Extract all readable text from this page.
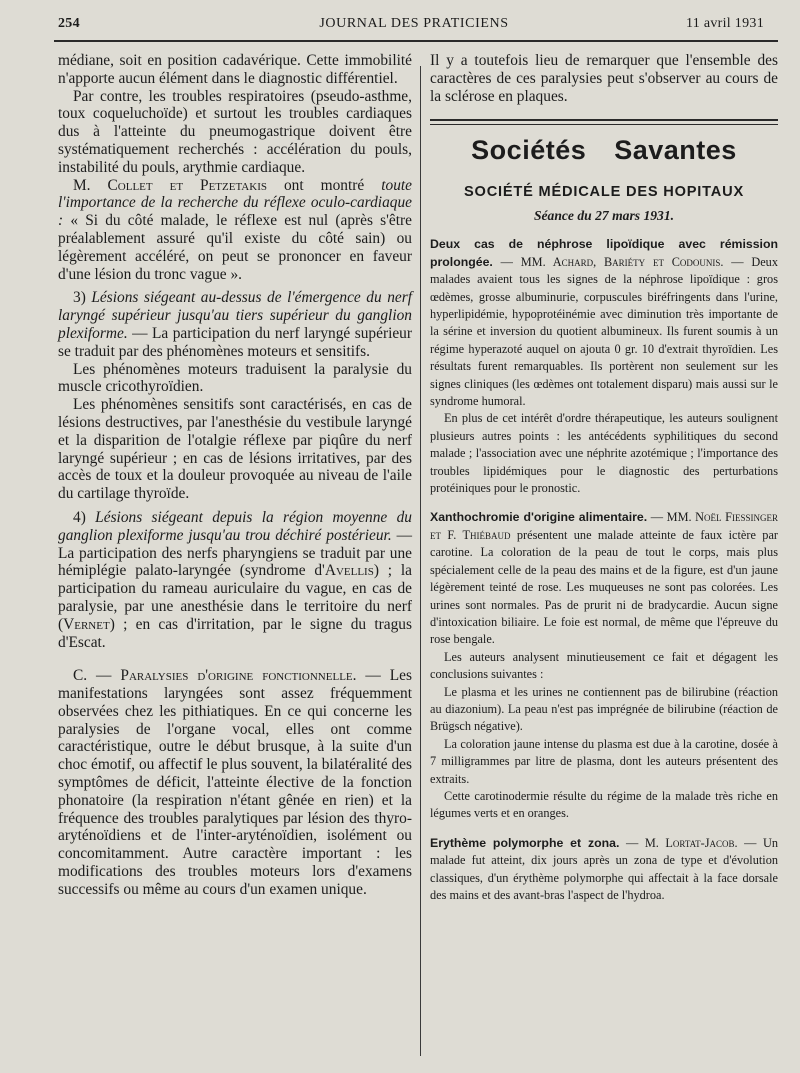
254	JOURNAL DES PRATICIENS	11 avril 1931

médiane, soit en position cadavérique. Cette immobilité n'apporte aucun élément dans le diagnostic différentiel.

Par contre, les troubles respiratoires (pseudo-asthme, toux coqueluchoïde) et surtout les troubles cardiaques dus à l'atteinte du pneumogastrique doivent être systématiquement recherchés : accélération du pouls, instabilité du pouls, arythmie cardiaque.

M. Collet et Petzetakis ont montré toute l'importance de la recherche du réflexe oculo-cardiaque : « Si du côté malade, le réflexe est nul (après s'être préalablement assuré qu'il existe du côté sain) ou légèrement accéléré, on peut se prononcer en faveur d'une lésion du tronc vague ».

3) Lésions siégeant au-dessus de l'émergence du nerf laryngé supérieur jusqu'au tiers supérieur du ganglion plexiforme. — La participation du nerf laryngé supérieur se traduit par des phénomènes moteurs et sensitifs.

Les phénomènes moteurs traduisent la paralysie du muscle cricothyroïdien.

Les phénomènes sensitifs sont caractérisés, en cas de lésions destructives, par l'anesthésie du vestibule laryngé et la disparition de l'otalgie réflexe par piqûre du nerf laryngé supérieur ; en cas de lésions irritatives, par des accès de toux et la douleur provoquée au niveau de l'aile du cartilage thyroïde.

4) Lésions siégeant depuis la région moyenne du ganglion plexiforme jusqu'au trou déchiré postérieur. — La participation des nerfs pharyngiens se traduit par une hémiplégie palato-laryngée (syndrome d'Avellis) ; la participation du rameau auriculaire du vague, en cas de paralysie, par une anesthésie dans le territoire du nerf (Vernet) ; en cas d'irritation, par le signe du tragus d'Escat.

C. — Paralysies d'origine fonctionnelle. — Les manifestations laryngées sont assez fréquemment observées chez les pithiatiques. En ce qui concerne les paralysies de l'organe vocal, elles ont comme caractéristique, outre le début brusque, à la suite d'un choc émotif, ou affectif le plus souvent, la bilatéralité des symptômes de déficit, l'atteinte élective de la fonction phonatoire (la respiration n'étant gênée en rien) et la fréquence des troubles paralytiques par lésion des thyro-aryténoïdiens et de l'inter-aryténoïdien, isolément ou concomitamment. Autre caractère important : les modifications des troubles moteurs lors d'examens successifs ou même au cours d'un examen unique.

Il y a toutefois lieu de remarquer que l'ensemble des caractères de ces paralysies peut s'observer au cours de la sclérose en plaques.

Sociétés Savantes
SOCIÉTÉ MÉDICALE DES HOPITAUX
Séance du 27 mars 1931.

Deux cas de néphrose lipoïdique avec rémission prolongée. — MM. Achard, Bariéty et Codounis. — Deux malades avaient tous les signes de la néphrose lipoïdique : gros œdèmes, grosse albuminurie, corpuscules biréfringents dans l'urine, hyperlipidémie, hypoprotéinémie avec diminution très importante de la sérine et inversion du quotient albumineux. Ils furent soumis à un régime hyperazoté auquel on ajouta 0 gr. 10 d'extrait thyroïdien. Les résultats furent remarquables. Ils portèrent non seulement sur les signes cliniques (les œdèmes ont totalement disparu) mais aussi sur le syndrome humoral.

En plus de cet intérêt d'ordre thérapeutique, les auteurs soulignent plusieurs autres points : les antécédents syphilitiques du second malade ; l'association avec une néphrite azotémique ; l'importance des troubles lipidémiques pour le diagnostic des perturbations protéiniques pour le pronostic.

Xanthochromie d'origine alimentaire. — MM. Noël Fiessinger et F. Thiébaud présentent une malade atteinte de faux ictère par carotine. La coloration de la peau de tout le corps, mais plus spécialement celle de la peau des mains et de la figure, est d'un jaune légèrement teinté de rose. Les muqueuses ne sont pas colorées. Les urines sont normales. Pas de prurit ni de bradycardie. Aucun signe d'intoxication biliaire. Le foie est normal, de même que l'épreuve du rose bengale.

Les auteurs analysent minutieusement ce fait et dégagent les conclusions suivantes :

Le plasma et les urines ne contiennent pas de bilirubine (réaction au diazonium). La peau n'est pas imprégnée de bilirubine (réaction de Brügsch négative).

La coloration jaune intense du plasma est due à la carotine, dosée à 7 milligrammes par litre de plasma, dont les auteurs présentent des extraits.

Cette carotinodermie résulte du régime de la malade très riche en légumes verts et en oranges.

Erythème polymorphe et zona. — M. Lortat-Jacob. — Un malade fut atteint, dix jours après un zona de type et d'évolution classiques, d'un érythème polymorphe qui affectait à la face dorsale des mains et des avant-bras l'aspect de l'hydroa.
